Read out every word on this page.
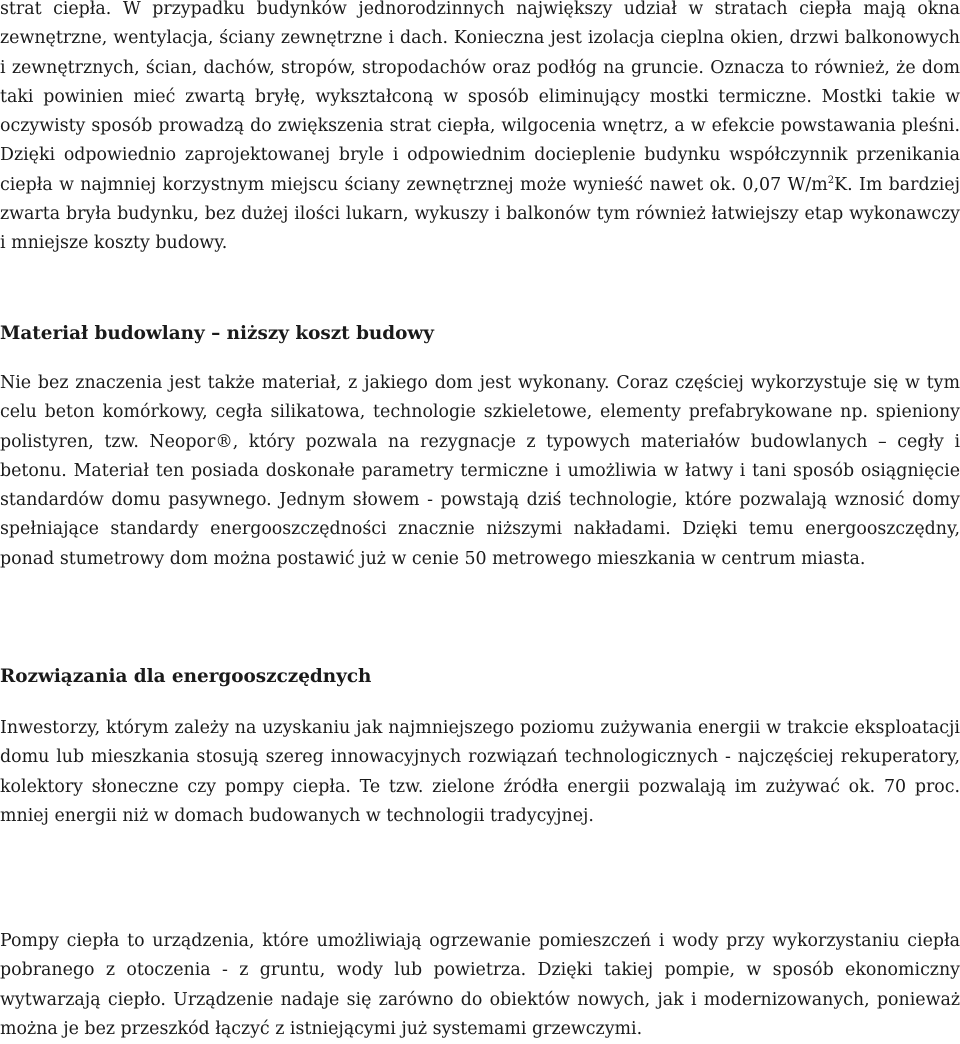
strat ciepła. W przypadku budynków jednorodzinnych największy udział w stratach ciepła mają okna zewnętrzne, wentylacja, ściany zewnętrzne i dach. Konieczna jest izolacja cieplna okien, drzwi balkonowych i zewnętrznych, ścian, dachów, stropów, stropodachów oraz podłóg na gruncie. Oznacza to również, że dom taki powinien mieć zwartą bryłę, wykształconą w sposób eliminujący mostki termiczne. Mostki takie w oczywisty sposób prowadzą do zwiększenia strat ciepła, wilgocenia wnętrz, a w efekcie powstawania pleśni. Dzięki odpowiednio zaprojektowanej bryle i odpowiednim docieplenie budynku współczynnik przenikania ciepła w najmniej korzystnym miejscu ściany zewnętrznej może wynieść nawet ok. 0,07 $W/m^2K$. Im bardziej zwarta bryła budynku, bez dużej ilości lukarn, wykuszy i balkonów tym również łatwiejszy etap wykonawczy i mniejsze koszty budowy.

Materiał budowlany – niższy koszt budowy

Nie bez znaczenia jest także materiał, z jakiego dom jest wykonany. Coraz częściej wykorzystuje się w tym celu beton komórkowy, cegła silikatowa, technologie szkieletowe, elementy prefabrykowane np. spieniony polistyren, tzw. Neopor®, który pozwala na rezygnacje z typowych materiałów budowlanych – cegły i betonu. Materiał ten posiada doskonałe parametry termiczne i umożliwia w łatwy i tani sposób osiągnięcie standardów domu pasywnego. Jednym słowem - powstają dziś technologie, które pozwalają wznosić domy spełniające standardy energooszczędności znacznie niższymi nakładami. Dzięki temu energooszczędny, ponad stumetrowy dom można postawić już w cenie 50 metrowego mieszkania w centrum miasta.

Rozwiązania dla energooszczędnych

Inwestorzy, którym zależy na uzyskaniu jak najmniejszego poziomu zużywania energii w trakcie eksploatacji domu lub mieszkania stosują szereg innowacyjnych rozwiązań technologicznych - najczęściej rekuperatory, kolektory słoneczne czy pompy ciepła. Te tzw. zielone źródła energii pozwalają im zużywać ok. 70 proc. mniej energii niż w domach budowanych w technologii tradycyjnej.

Pompy ciepła to urządzenia, które umożliwiają ogrzewanie pomieszczeń i wody przy wykorzystaniu ciepła pobranego z otoczenia - z gruntu, wody lub powietrza. Dzięki takiej pompie, w sposób ekonomiczny wytwarzają ciepło. Urządzenie nadaje się zarówno do obiektów nowych, jak i modernizowanych, ponieważ można je bez przeszkód łączyć z istniejącymi już systemami grzewczymi.
